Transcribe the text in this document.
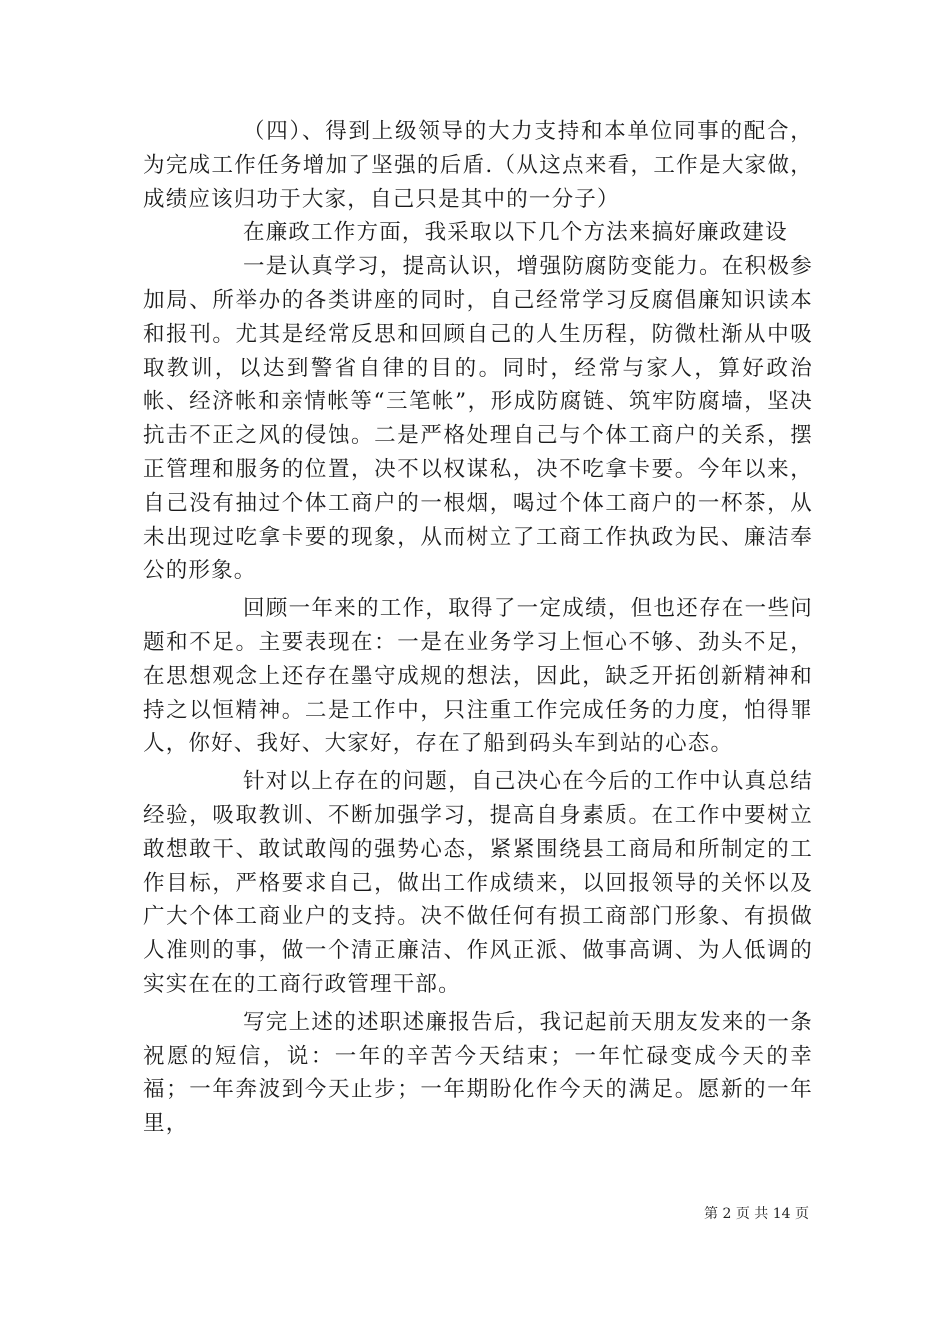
（四）、得到上级领导的大力支持和本单位同事的配合，为完成工作任务增加了坚强的后盾.（从这点来看，工作是大家做，成绩应该归功于大家，自己只是其中的一分子）

在廉政工作方面，我采取以下几个方法来搞好廉政建设

一是认真学习，提高认识，增强防腐防变能力。在积极参加局、所举办的各类讲座的同时，自己经常学习反腐倡廉知识读本和报刊。尤其是经常反思和回顾自己的人生历程，防微杜渐从中吸取教训，以达到警省自律的目的。同时，经常与家人，算好政治帐、经济帐和亲情帐等“三笔帐”，形成防腐链、筑牢防腐墙，坚决抗击不正之风的侵蚀。二是严格处理自己与个体工商户的关系，摆正管理和服务的位置，决不以权谋私，决不吃拿卡要。今年以来，自己没有抽过个体工商户的一根烟，喝过个体工商户的一杯茶，从未出现过吃拿卡要的现象，从而树立了工商工作执政为民、廉洁奉公的形象。

回顾一年来的工作，取得了一定成绩，但也还存在一些问题和不足。主要表现在：一是在业务学习上恒心不够、劲头不足，在思想观念上还存在墨守成规的想法，因此，缺乏开拓创新精神和持之以恒精神。二是工作中，只注重工作完成任务的力度，怕得罪人，你好、我好、大家好，存在了船到码头车到站的心态。

针对以上存在的问题，自己决心在今后的工作中认真总结经验，吸取教训、不断加强学习，提高自身素质。在工作中要树立敢想敢干、敢试敢闯的强势心态，紧紧围绕县工商局和所制定的工作目标，严格要求自己，做出工作成绩来，以回报领导的关怀以及广大个体工商业户的支持。决不做任何有损工商部门形象、有损做人准则的事，做一个清正廉洁、作风正派、做事高调、为人低调的实实在在的工商行政管理干部。

写完上述的述职述廉报告后，我记起前天朋友发来的一条祝愿的短信，说：一年的辛苦今天结束；一年忙碌变成今天的幸福；一年奔波到今天止步；一年期盼化作今天的满足。愿新的一年里，

第 2 页 共 14 页
